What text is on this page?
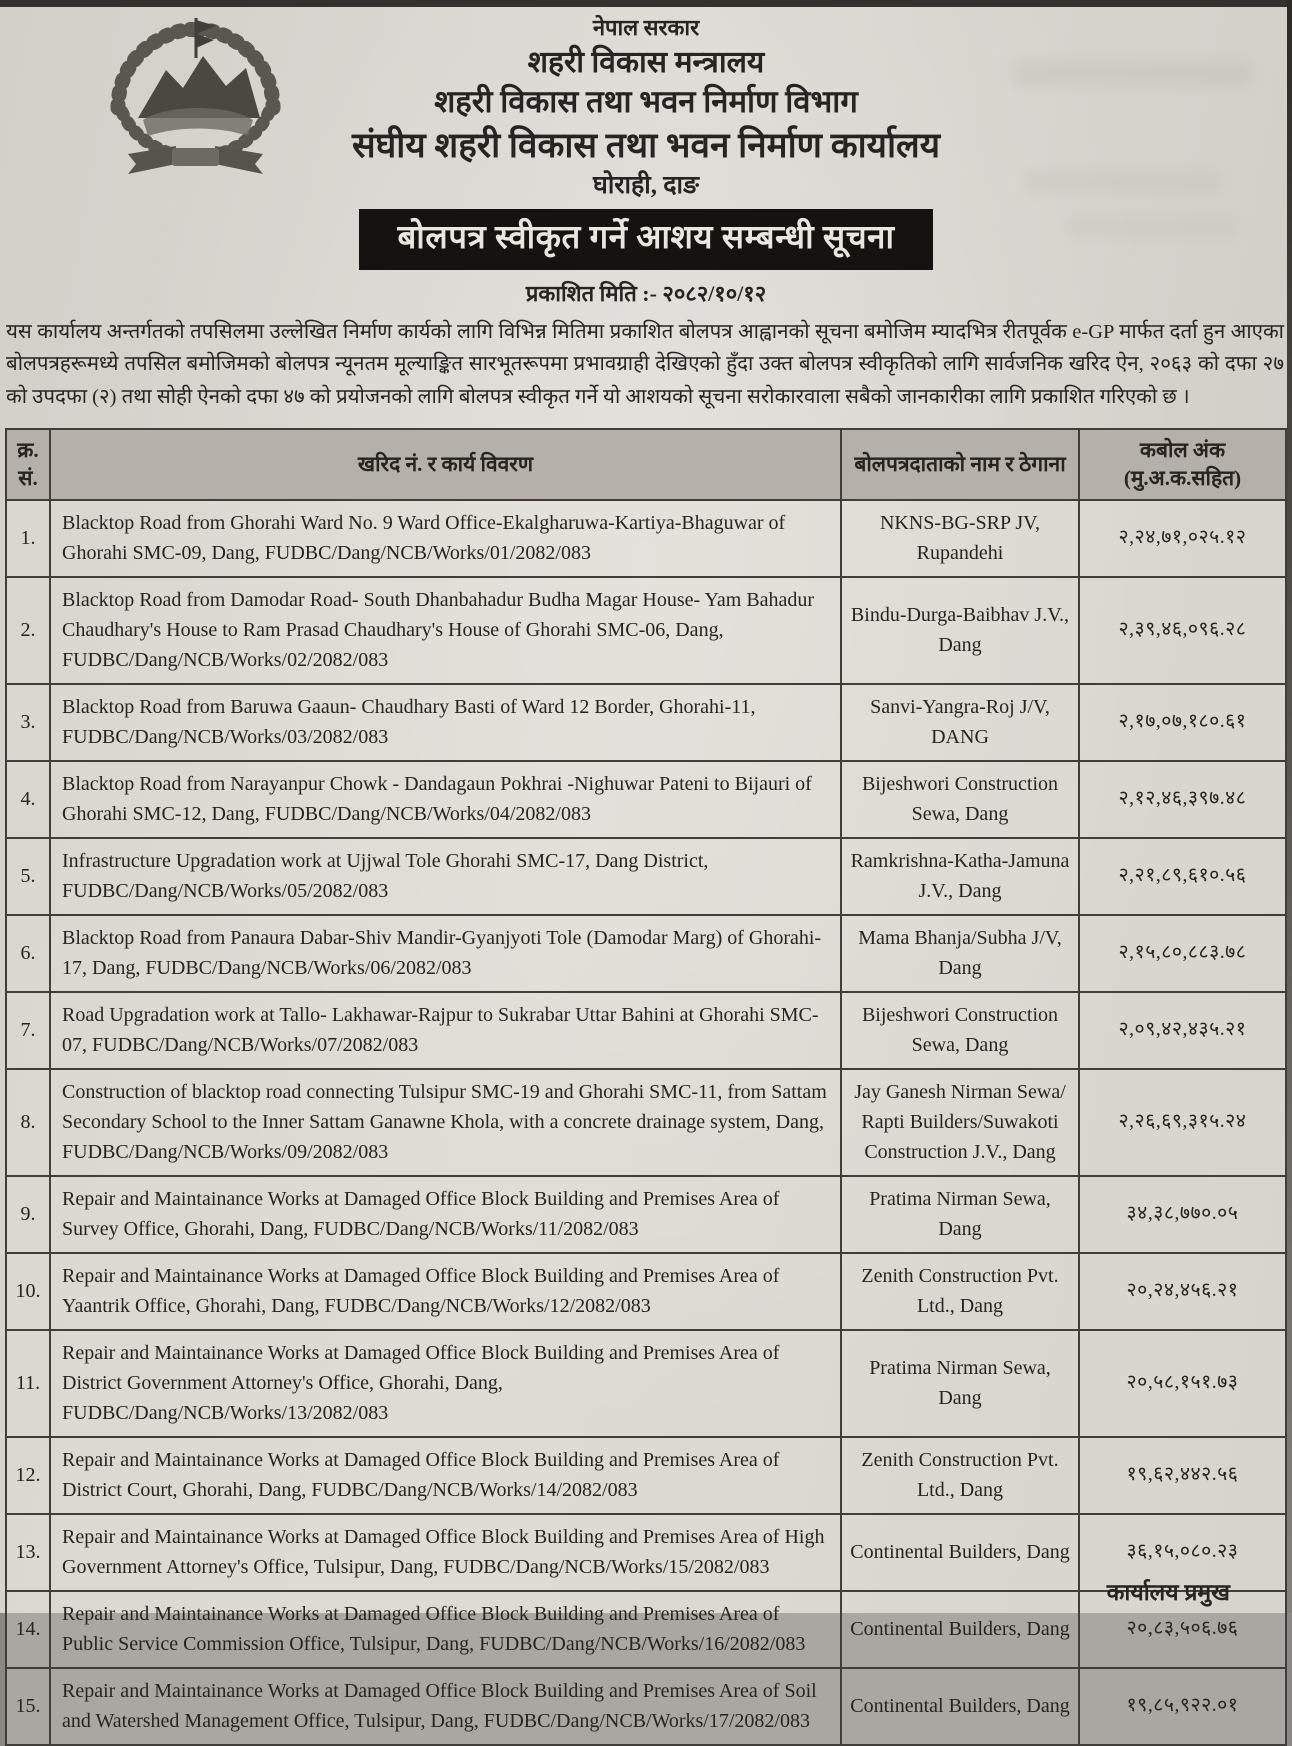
नेपाल सरकार
शहरी विकास मन्त्रालय
शहरी विकास तथा भवन निर्माण विभाग
संघीय शहरी विकास तथा भवन निर्माण कार्यालय
घोराही, दाङ
बोलपत्र स्वीकृत गर्ने आशय सम्बन्धी सूचना
प्रकाशित मिति :- २०८२/१०/१२

यस कार्यालय अन्तर्गतको तपसिलमा उल्लेखित निर्माण कार्यको लागि विभिन्न मितिमा प्रकाशित बोलपत्र आह्वानको सूचना बमोजिम म्यादभित्र रीतपूर्वक e-GP मार्फत दर्ता हुन आएका बोलपत्रहरूमध्ये तपसिल बमोजिमको बोलपत्र न्यूनतम मूल्याङ्कित सारभूतरूपमा प्रभावग्राही देखिएको हुँदा उक्त बोलपत्र स्वीकृतिको लागि सार्वजनिक खरिद ऐन, २०६३ को दफा २७ को उपदफा (२) तथा सोही ऐनको दफा ४७ को प्रयोजनको लागि बोलपत्र स्वीकृत गर्ने यो आशयको सूचना सरोकारवाला सबैको जानकारीका लागि प्रकाशित गरिएको छ ।

क्र. सं.	खरिद नं. र कार्य विवरण	बोलपत्रदाताको नाम र ठेगाना	कबोल अंक (मु.अ.क.सहित)
1.	Blacktop Road from Ghorahi Ward No. 9 Ward Office-Ekalgharuwa-Kartiya-Bhaguwar of Ghorahi SMC-09, Dang, FUDBC/Dang/NCB/Works/01/2082/083	NKNS-BG-SRP JV, Rupandehi	२,२४,७१,०२५.१२
2.	Blacktop Road from Damodar Road- South Dhanbahadur Budha Magar House- Yam Bahadur Chaudhary's House to Ram Prasad Chaudhary's House of Ghorahi SMC-06, Dang, FUDBC/Dang/NCB/Works/02/2082/083	Bindu-Durga-Baibhav J.V., Dang	२,३९,४६,०९६.२८
3.	Blacktop Road from Baruwa Gaaun- Chaudhary Basti of Ward 12 Border, Ghorahi-11, FUDBC/Dang/NCB/Works/03/2082/083	Sanvi-Yangra-Roj J/V, DANG	२,१७,०७,१८०.६१
4.	Blacktop Road from Narayanpur Chowk - Dandagaun Pokhrai -Nighuwar Pateni to Bijauri of Ghorahi SMC-12, Dang, FUDBC/Dang/NCB/Works/04/2082/083	Bijeshwori Construction Sewa, Dang	२,१२,४६,३९७.४८
5.	Infrastructure Upgradation work at Ujjwal Tole Ghorahi SMC-17, Dang District, FUDBC/Dang/NCB/Works/05/2082/083	Ramkrishna-Katha-Jamuna J.V., Dang	२,२१,८९,६१०.५६
6.	Blacktop Road from Panaura Dabar-Shiv Mandir-Gyanjyoti Tole (Damodar Marg) of Ghorahi-17, Dang, FUDBC/Dang/NCB/Works/06/2082/083	Mama Bhanja/Subha J/V, Dang	२,१५,८०,८८३.७८
7.	Road Upgradation work at Tallo- Lakhawar-Rajpur to Sukrabar Uttar Bahini at Ghorahi SMC-07, FUDBC/Dang/NCB/Works/07/2082/083	Bijeshwori Construction Sewa, Dang	२,०९,४२,४३५.२१
8.	Construction of blacktop road connecting Tulsipur SMC-19 and Ghorahi SMC-11, from Sattam Secondary School to the Inner Sattam Ganawne Khola, with a concrete drainage system, Dang, FUDBC/Dang/NCB/Works/09/2082/083	Jay Ganesh Nirman Sewa/ Rapti Builders/Suwakoti Construction J.V., Dang	२,२६,६९,३१५.२४
9.	Repair and Maintainance Works at Damaged Office Block Building and Premises Area of Survey Office, Ghorahi, Dang, FUDBC/Dang/NCB/Works/11/2082/083	Pratima Nirman Sewa, Dang	३४,३८,७७०.०५
10.	Repair and Maintainance Works at Damaged Office Block Building and Premises Area of Yaantrik Office, Ghorahi, Dang, FUDBC/Dang/NCB/Works/12/2082/083	Zenith Construction Pvt. Ltd., Dang	२०,२४,४५६.२१
11.	Repair and Maintainance Works at Damaged Office Block Building and Premises Area of District Government Attorney's Office, Ghorahi, Dang, FUDBC/Dang/NCB/Works/13/2082/083	Pratima Nirman Sewa, Dang	२०,५८,१५१.७३
12.	Repair and Maintainance Works at Damaged Office Block Building and Premises Area of District Court, Ghorahi, Dang, FUDBC/Dang/NCB/Works/14/2082/083	Zenith Construction Pvt. Ltd., Dang	१९,६२,४४२.५६
13.	Repair and Maintainance Works at Damaged Office Block Building and Premises Area of High Government Attorney's Office, Tulsipur, Dang, FUDBC/Dang/NCB/Works/15/2082/083	Continental Builders, Dang	३६,१५,०८०.२३
14.	Repair and Maintainance Works at Damaged Office Block Building and Premises Area of Public Service Commission Office, Tulsipur, Dang, FUDBC/Dang/NCB/Works/16/2082/083	Continental Builders, Dang	२०,८३,५०६.७६
15.	Repair and Maintainance Works at Damaged Office Block Building and Premises Area of Soil and Watershed Management Office, Tulsipur, Dang, FUDBC/Dang/NCB/Works/17/2082/083	Continental Builders, Dang	१९,८५,९२२.०१
कार्यालय प्रमुख
